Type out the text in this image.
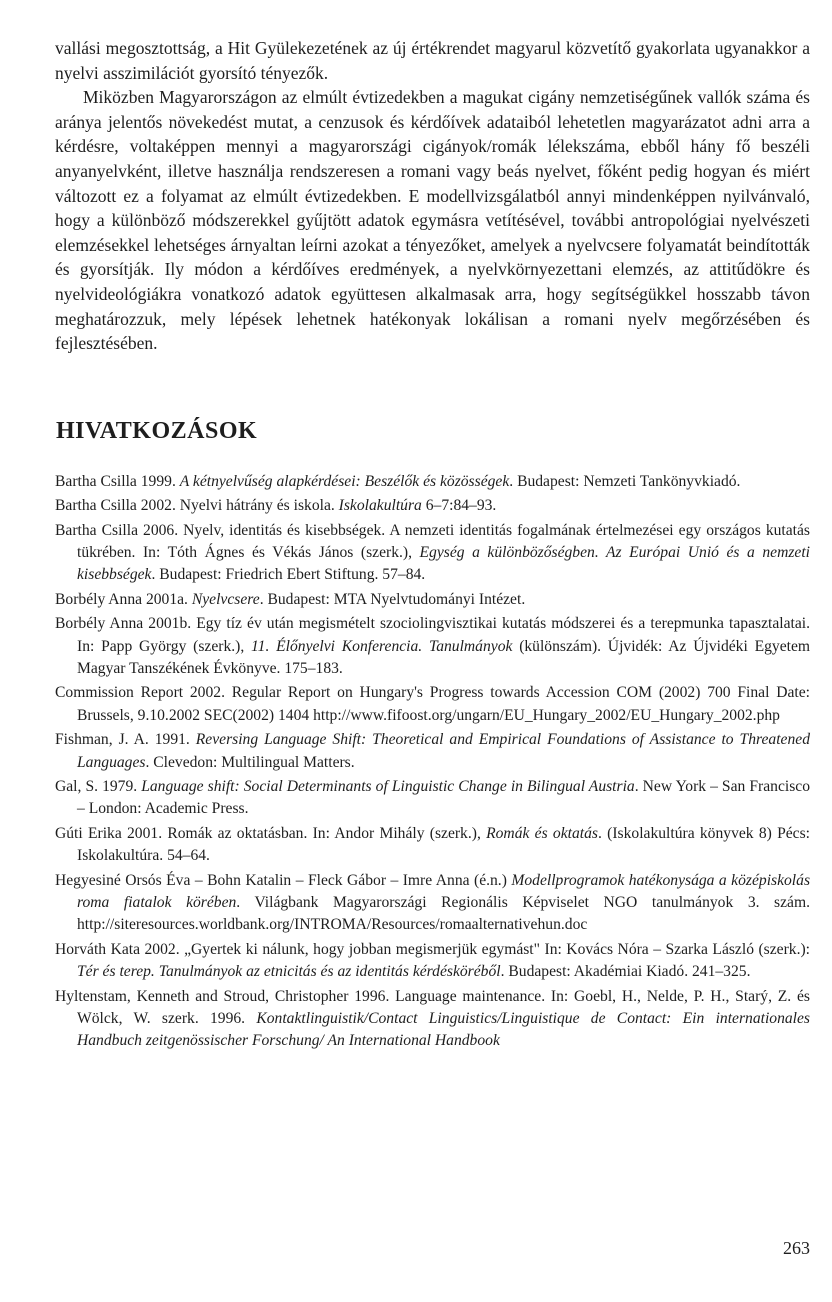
vallási megosztottság, a Hit Gyülekezetének az új értékrendet magyarul közvetítő gyakorlata ugyanakkor a nyelvi asszimilációt gyorsító tényezők.

Miközben Magyarországon az elmúlt évtizedekben a magukat cigány nemzetiségűnek vallók száma és aránya jelentős növekedést mutat, a cenzusok és kérdőívek adataiból lehetetlen magyarázatot adni arra a kérdésre, voltaképpen mennyi a magyarországi cigányok/romák lélekszáma, ebből hány fő beszéli anyanyelvként, illetve használja rendszeresen a romani vagy beás nyelvet, főként pedig hogyan és miért változott ez a folyamat az elmúlt évtizedekben. E modellvizsgálatból annyi mindenképpen nyilvánvaló, hogy a különböző módszerekkel gyűjtött adatok egymásra vetítésével, további antropológiai nyelvészeti elemzésekkel lehetséges árnyaltan leírni azokat a tényezőket, amelyek a nyelvcsere folyamatát beindították és gyorsítják. Ily módon a kérdőíves eredmények, a nyelvkörnyezettani elemzés, az attitűdökre és nyelvideológiákra vonatkozó adatok együttesen alkalmasak arra, hogy segítségükkel hosszabb távon meghatározzuk, mely lépések lehetnek hatékonyak lokálisan a romani nyelv megőrzésében és fejlesztésében.

HIVATKOZÁSOK

Bartha Csilla 1999. A kétnyelvűség alapkérdései: Beszélők és közösségek. Budapest: Nemzeti Tankönyvkiadó.

Bartha Csilla 2002. Nyelvi hátrány és iskola. Iskolakultúra 6–7:84–93.

Bartha Csilla 2006. Nyelv, identitás és kisebbségek. A nemzeti identitás fogalmának értelmezései egy országos kutatás tükrében. In: Tóth Ágnes és Vékás János (szerk.), Egység a különbözőségben. Az Európai Unió és a nemzeti kisebbségek. Budapest: Friedrich Ebert Stiftung. 57–84.

Borbély Anna 2001a. Nyelvcsere. Budapest: MTA Nyelvtudományi Intézet.

Borbély Anna 2001b. Egy tíz év után megismételt szociolingvisztikai kutatás módszerei és a terepmunka tapasztalatai. In: Papp György (szerk.), 11. Élőnyelvi Konferencia. Tanulmányok (különszám). Újvidék: Az Újvidéki Egyetem Magyar Tanszékének Évkönyve. 175–183.

Commission Report 2002. Regular Report on Hungary's Progress towards Accession COM (2002) 700 Final Date: Brussels, 9.10.2002 SEC(2002) 1404 http://www.fifoost.org/ungarn/EU_Hungary_2002/EU_Hungary_2002.php

Fishman, J. A. 1991. Reversing Language Shift: Theoretical and Empirical Foundations of Assistance to Threatened Languages. Clevedon: Multilingual Matters.

Gal, S. 1979. Language shift: Social Determinants of Linguistic Change in Bilingual Austria. New York – San Francisco – London: Academic Press.

Gúti Erika 2001. Romák az oktatásban. In: Andor Mihály (szerk.), Romák és oktatás. (Iskolakultúra könyvek 8) Pécs: Iskolakultúra. 54–64.

Hegyesiné Orsós Éva – Bohn Katalin – Fleck Gábor – Imre Anna (é.n.) Modellprogramok hatékonysága a középiskolás roma fiatalok körében. Világbank Magyarországi Regionális Képviselet NGO tanulmányok 3. szám. http://siteresources.worldbank.org/INTROMA/Resources/romaalternativehun.doc

Horváth Kata 2002. „Gyertek ki nálunk, hogy jobban megismerjük egymást" In: Kovács Nóra – Szarka László (szerk.): Tér és terep. Tanulmányok az etnicitás és az identitás kérdésköréből. Budapest: Akadémiai Kiadó. 241–325.

Hyltenstam, Kenneth and Stroud, Christopher 1996. Language maintenance. In: Goebl, H., Nelde, P. H., Starý, Z. és Wölck, W. szerk. 1996. Kontaktlinguistik/Contact Linguistics/Linguistique de Contact: Ein internationales Handbuch zeitgenössischer Forschung/ An International Handbook

263
